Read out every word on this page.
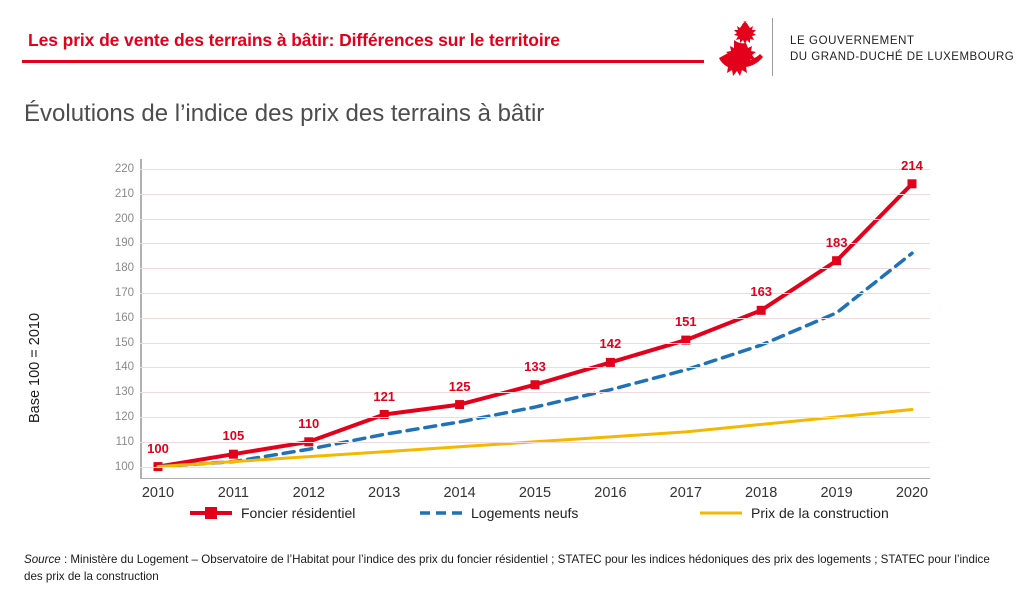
Les prix de vente des terrains à bâtir: Différences sur le territoire	LE GOUVERNEMENT
DU GRAND-DUCHÉ DE LUXEMBOURG
Évolutions de l’indice des prix des terrains à bâtir
Base 100 = 2010
100
110
120
130
140
150
160
170
180
190
200
210
220
2010	2011	2012	2013	2014	2015	2016	2017	2018	2019	2020
100
105
110
121
125
133
142
151
163
183
214
Foncier résidentiel	Logements neufs	Prix de la construction
Source : Ministère du Logement – Observatoire de l’Habitat pour l’indice des prix du foncier résidentiel ; STATEC pour les indices hédoniques des prix des logements ; STATEC pour l’indice des prix de la construction
